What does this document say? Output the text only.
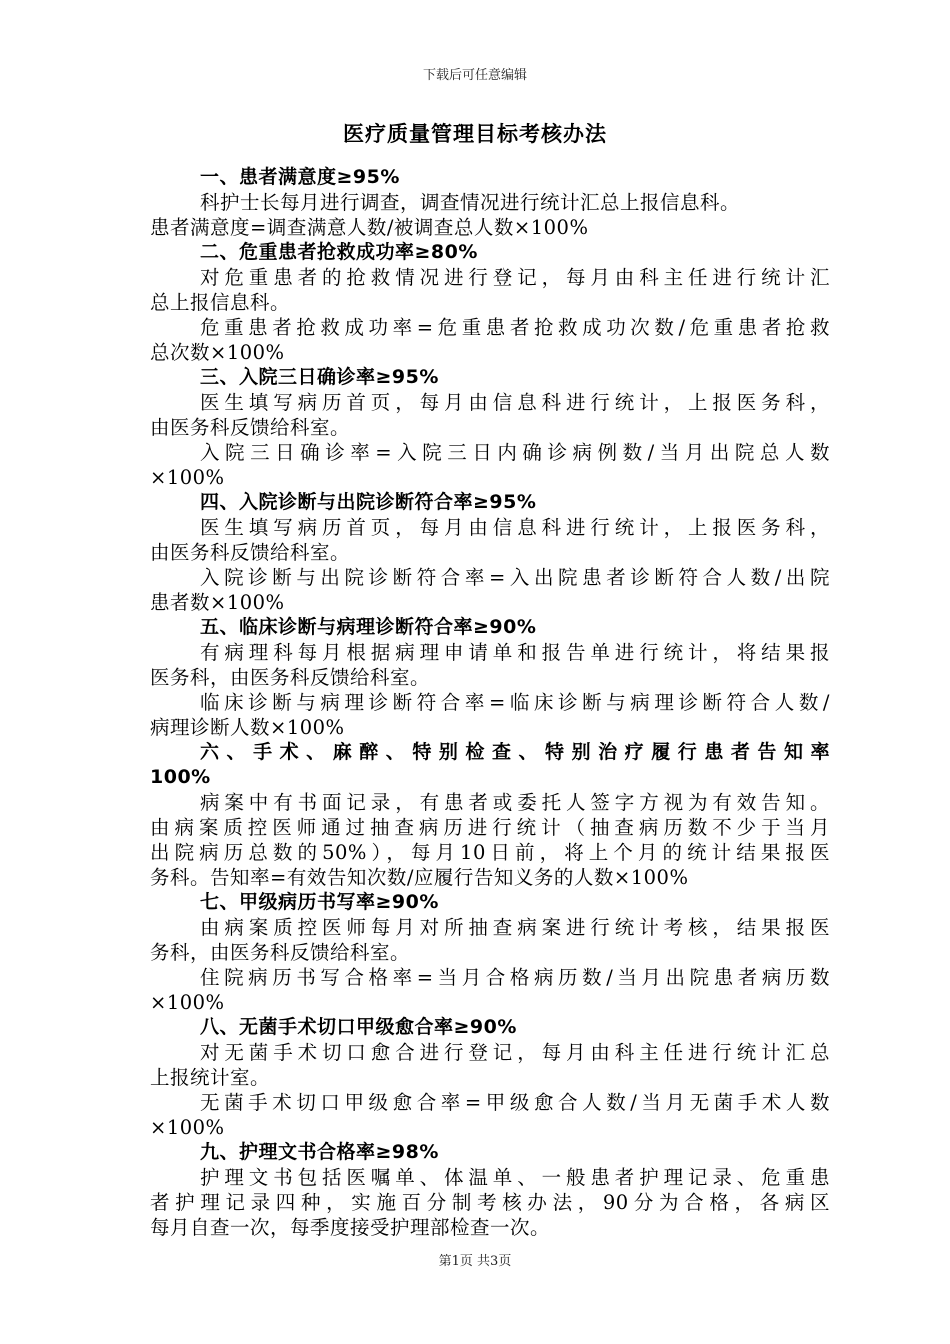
下载后可任意编辑
医疗质量管理目标考核办法
一、患者满意度≥95%
科护士长每月进行调查，调查情况进行统计汇总上报信息科。
患者满意度=调查满意人数/被调查总人数×100%
二、危重患者抢救成功率≥80%
对危重患者的抢救情况进行登记，每月由科主任进行统计汇
总上报信息科。
危重患者抢救成功率=危重患者抢救成功次数/危重患者抢救
总次数×100%
三、入院三日确诊率≥95%
医生填写病历首页，每月由信息科进行统计，上报医务科，
由医务科反馈给科室。
入院三日确诊率=入院三日内确诊病例数/当月出院总人数
×100%
四、入院诊断与出院诊断符合率≥95%
医生填写病历首页，每月由信息科进行统计，上报医务科，
由医务科反馈给科室。
入院诊断与出院诊断符合率=入出院患者诊断符合人数/出院
患者数×100%
五、临床诊断与病理诊断符合率≥90%
有病理科每月根据病理申请单和报告单进行统计，将结果报
医务科，由医务科反馈给科室。
临床诊断与病理诊断符合率=临床诊断与病理诊断符合人数/
病理诊断人数×100%
六、手术、麻醉、特别检查、特别治疗履行患者告知率
100%
病案中有书面记录，有患者或委托人签字方视为有效告知。
由病案质控医师通过抽查病历进行统计（抽查病历数不少于当月
出院病历总数的50%），每月10日前，将上个月的统计结果报医
务科。告知率=有效告知次数/应履行告知义务的人数×100%
七、甲级病历书写率≥90%
由病案质控医师每月对所抽查病案进行统计考核，结果报医
务科，由医务科反馈给科室。
住院病历书写合格率=当月合格病历数/当月出院患者病历数
×100%
八、无菌手术切口甲级愈合率≥90%
对无菌手术切口愈合进行登记，每月由科主任进行统计汇总
上报统计室。
无菌手术切口甲级愈合率=甲级愈合人数/当月无菌手术人数
×100%
九、护理文书合格率≥98%
护理文书包括医嘱单、体温单、一般患者护理记录、危重患
者护理记录四种，实施百分制考核办法，90分为合格，各病区
每月自查一次，每季度接受护理部检查一次。
第1页 共3页
